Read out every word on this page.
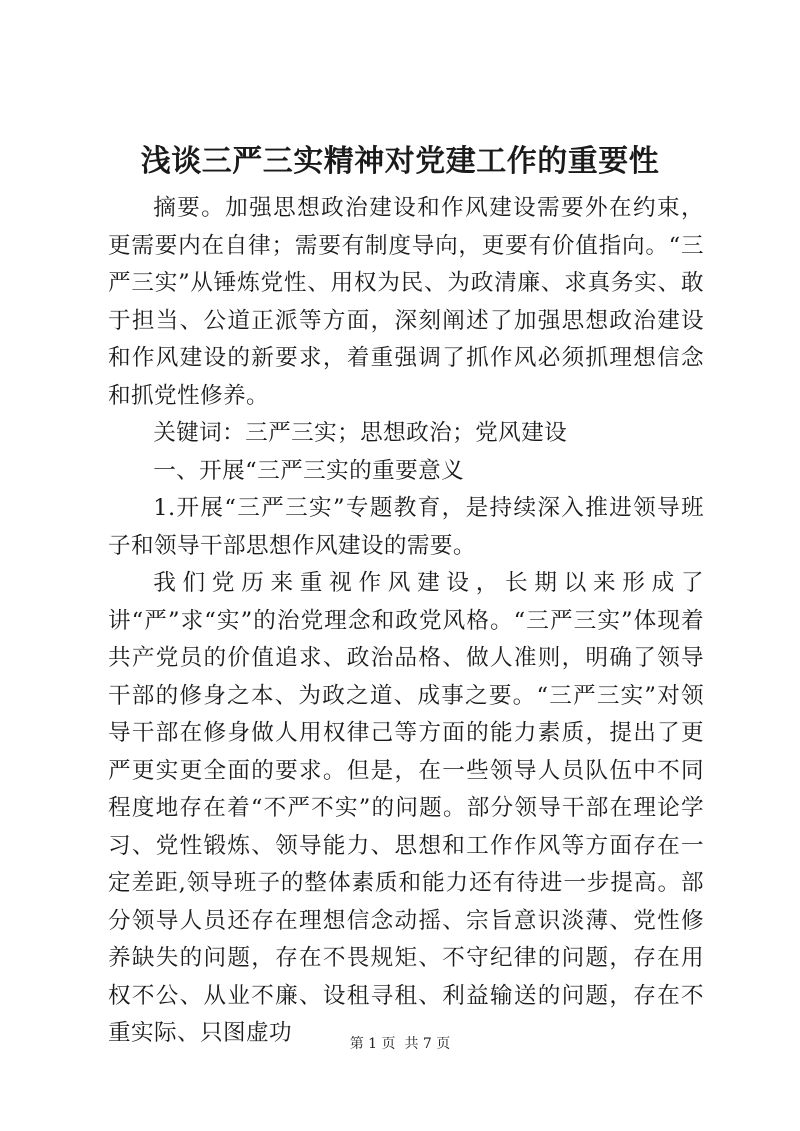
浅谈三严三实精神对党建工作的重要性

摘要。加强思想政治建设和作风建设需要外在约束，更需要内在自律；需要有制度导向，更要有价值指向。“三严三实”从锤炼党性、用权为民、为政清廉、求真务实、敢于担当、公道正派等方面，深刻阐述了加强思想政治建设和作风建设的新要求，着重强调了抓作风必须抓理想信念和抓党性修养。

关键词：三严三实；思想政治；党风建设

一、开展“三严三实的重要意义

1.开展“三严三实”专题教育，是持续深入推进领导班子和领导干部思想作风建设的需要。

我们党历来重视作风建设，长期以来形成了讲“严”求“实”的治党理念和政党风格。“三严三实”体现着共产党员的价值追求、政治品格、做人准则，明确了领导干部的修身之本、为政之道、成事之要。“三严三实”对领导干部在修身做人用权律己等方面的能力素质，提出了更严更实更全面的要求。但是，在一些领导人员队伍中不同程度地存在着“不严不实”的问题。部分领导干部在理论学习、党性锻炼、领导能力、思想和工作作风等方面存在一定差距,领导班子的整体素质和能力还有待进一步提高。部分领导人员还存在理想信念动摇、宗旨意识淡薄、党性修养缺失的问题，存在不畏规矩、不守纪律的问题，存在用权不公、从业不廉、设租寻租、利益输送的问题，存在不重实际、只图虚功	第 1 页 共 7 页
